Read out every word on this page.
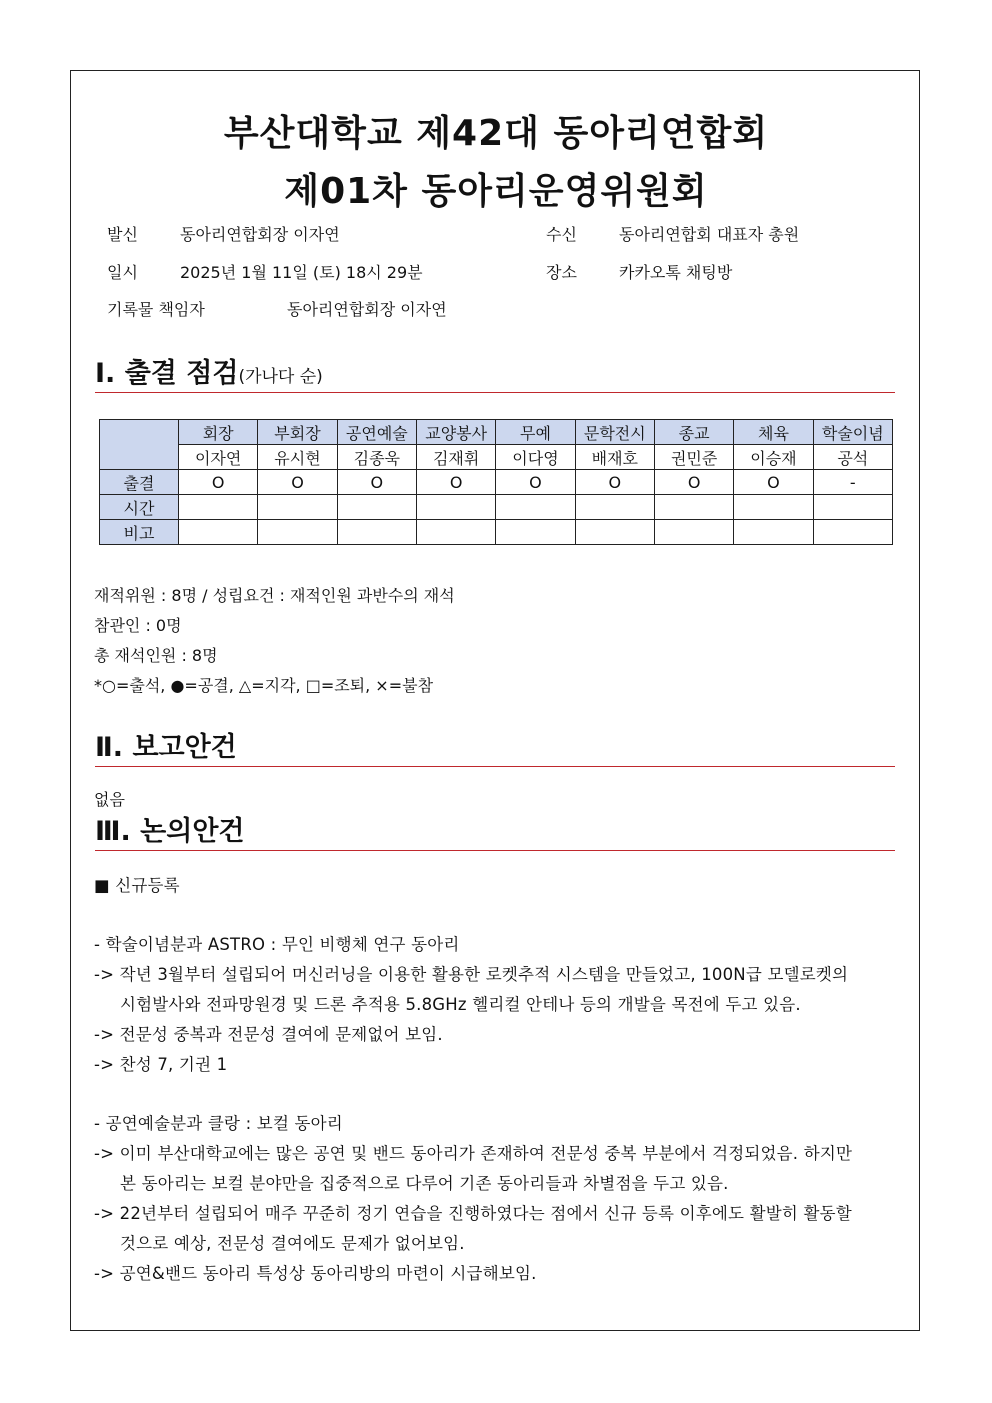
부산대학교 제42대 동아리연합회
제01차 동아리운영위원회
발신	동아리연합회장 이자연	수신	동아리연합회 대표자 총원
일시	2025년 1월 11일 (토) 18시 29분	장소	카카오톡 채팅방
기록물 책임자	동아리연합회장 이자연
Ⅰ. 출결 점검(가나다 순)
	회장	부회장	공연예술	교양봉사	무예	문학전시	종교	체육	학술이념
	이자연	유시현	김종욱	김재휘	이다영	배재호	권민준	이승재	공석
출결	O	O	O	O	O	O	O	O	-
시간									
비고									
재적위원 : 8명 / 성립요건 : 재적인원 과반수의 재석
참관인 : 0명
총 재석인원 : 8명
*○=출석, ●=공결, △=지각, □=조퇴, ×=불참
Ⅱ. 보고안건
없음
Ⅲ. 논의안건
■ 신규등록
- 학술이념분과 ASTRO : 무인 비행체 연구 동아리
-> 작년 3월부터 설립되어 머신러닝을 이용한 활용한 로켓추적 시스템을 만들었고, 100N급 모델로켓의
시험발사와 전파망원경 및 드론 추적용 5.8GHz 헬리컬 안테나 등의 개발을 목전에 두고 있음.
-> 전문성 중복과 전문성 결여에 문제없어 보임.
-> 찬성 7, 기권 1
- 공연예술분과 클랑 : 보컬 동아리
-> 이미 부산대학교에는 많은 공연 및 밴드 동아리가 존재하여 전문성 중복 부분에서 걱정되었음. 하지만
본 동아리는 보컬 분야만을 집중적으로 다루어 기존 동아리들과 차별점을 두고 있음.
-> 22년부터 설립되어 매주 꾸준히 정기 연습을 진행하였다는 점에서 신규 등록 이후에도 활발히 활동할
것으로 예상, 전문성 결여에도 문제가 없어보임.
-> 공연&밴드 동아리 특성상 동아리방의 마련이 시급해보임.
